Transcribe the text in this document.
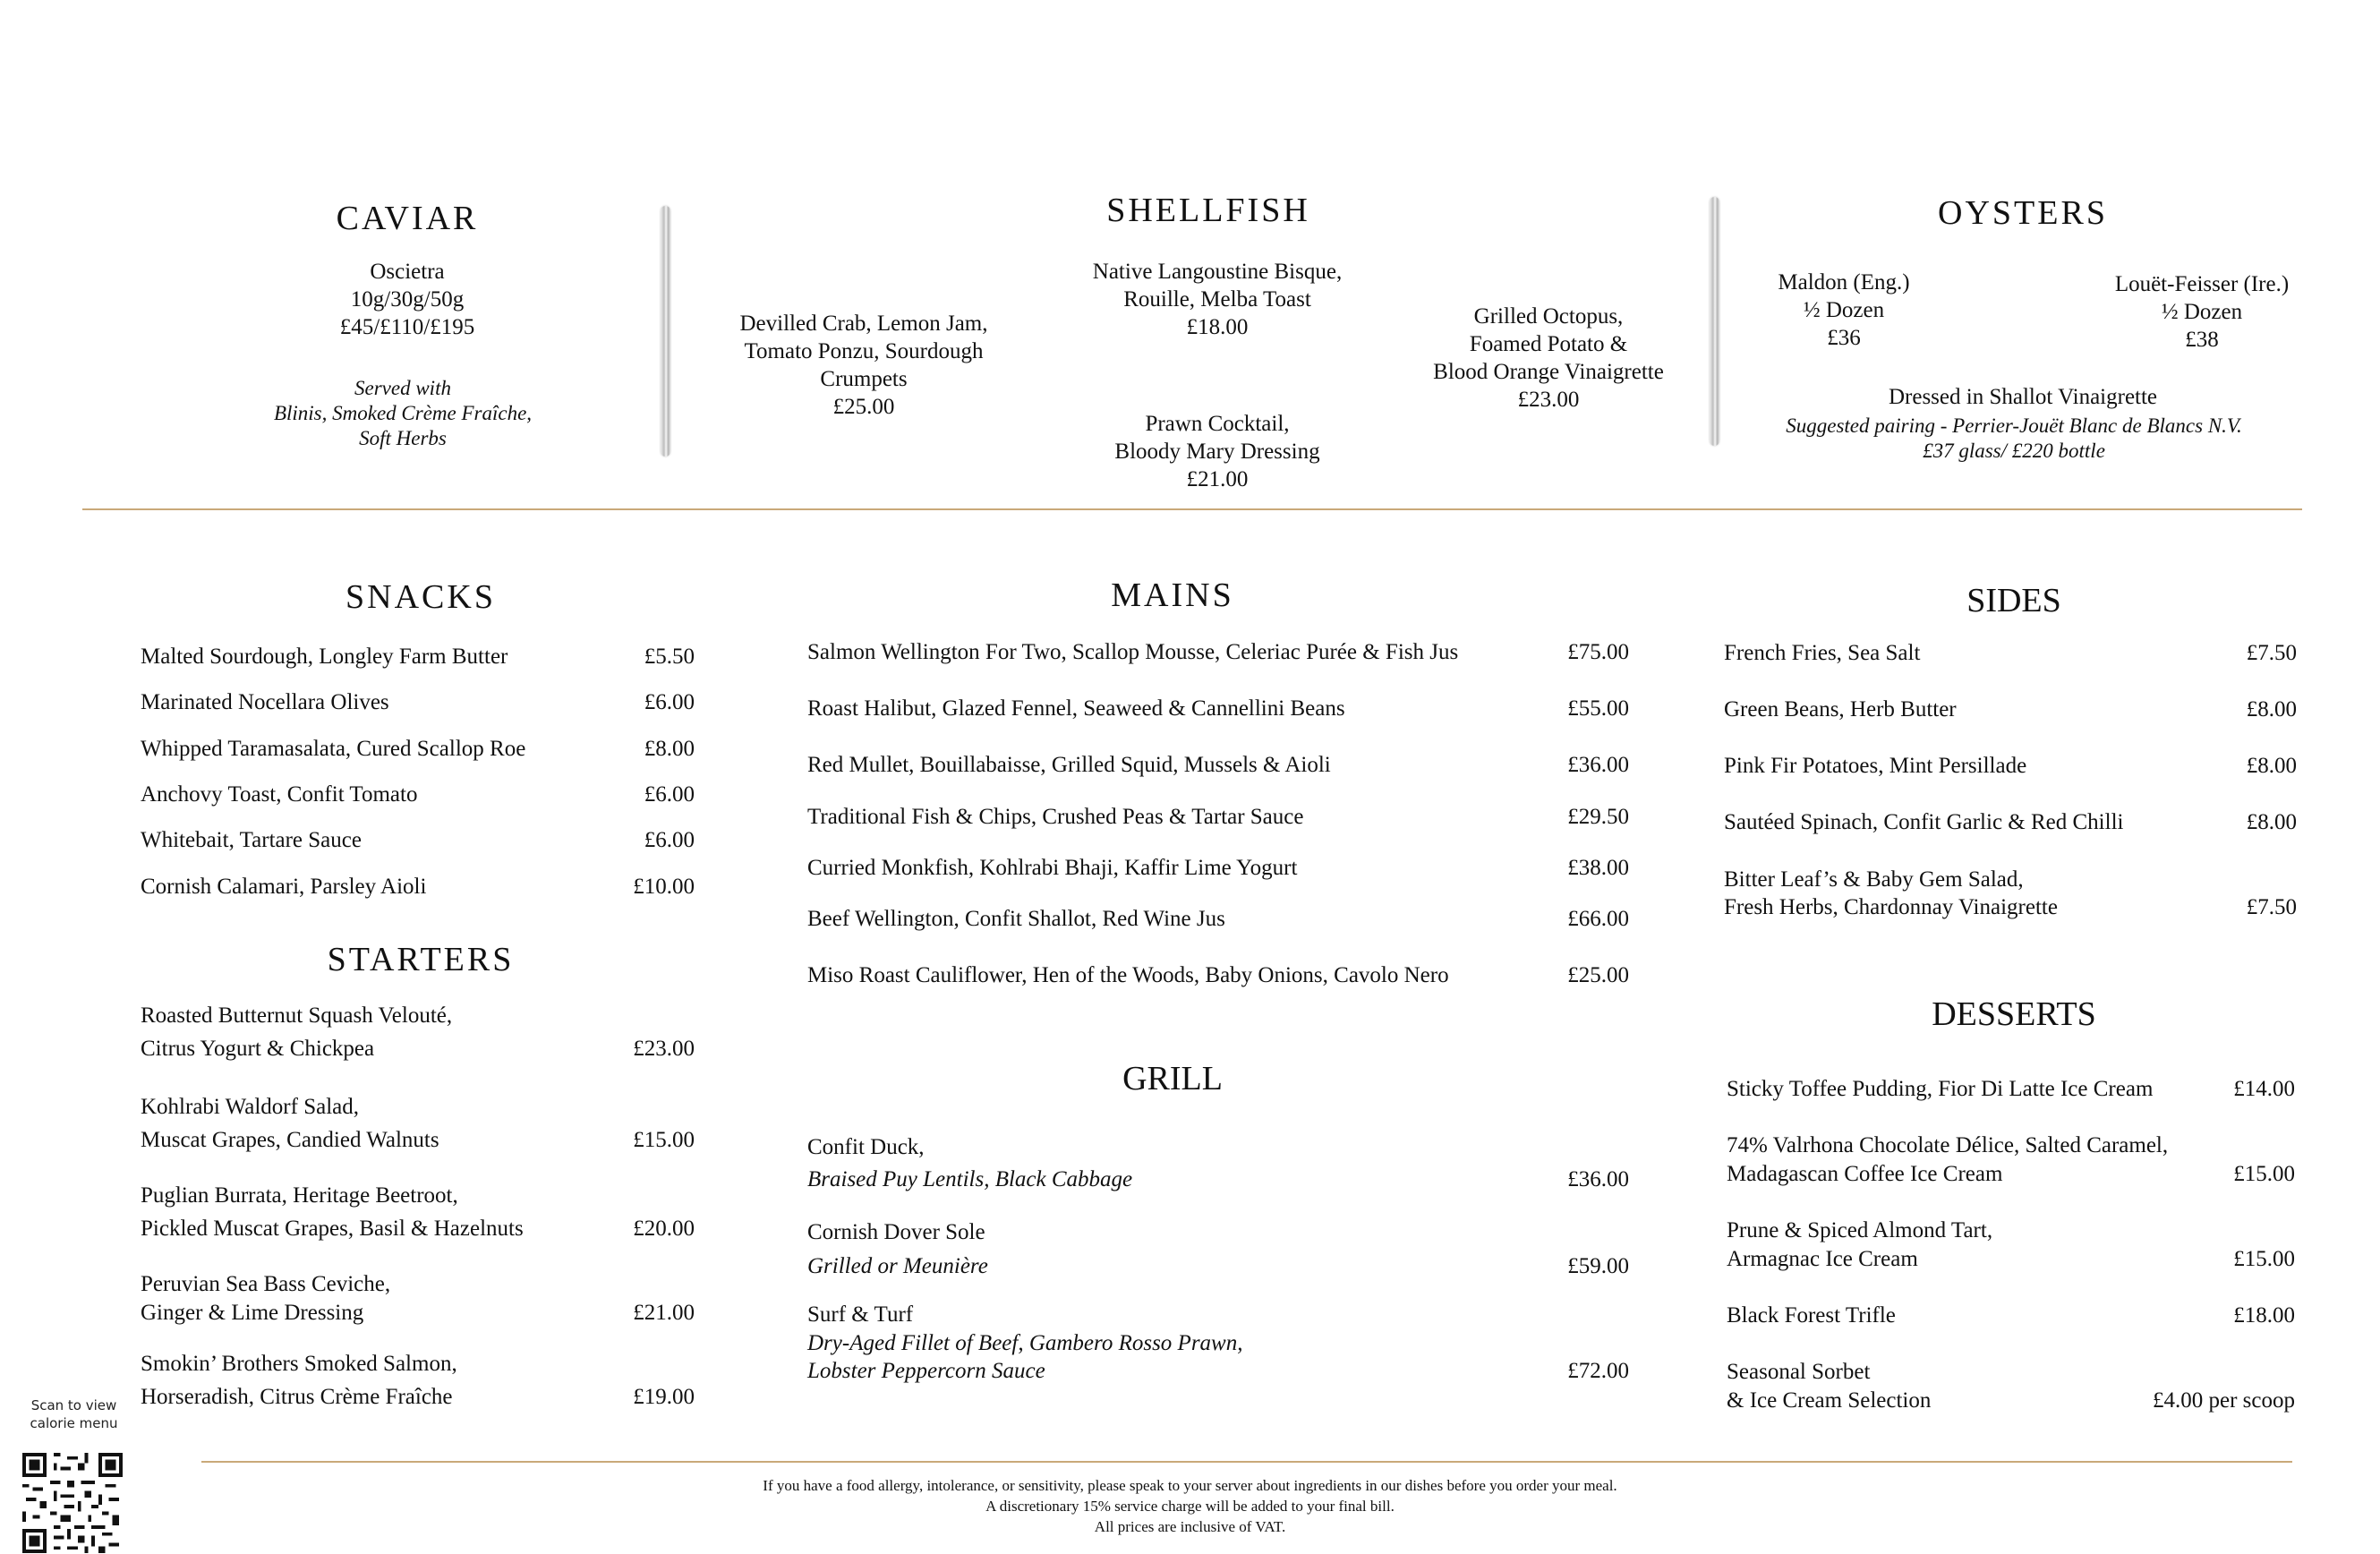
CAVIAR
Oscietra
10g/30g/50g
£45/£110/£195
Served with
Blinis, Smoked Crème Fraîche,
Soft Herbs
SHELLFISH
Devilled Crab, Lemon Jam,
Tomato Ponzu, Sourdough
Crumpets
£25.00
Native Langoustine Bisque,
Rouille, Melba Toast
£18.00
Prawn Cocktail,
Bloody Mary Dressing
£21.00
Grilled Octopus,
Foamed Potato &
Blood Orange Vinaigrette
£23.00
OYSTERS
Maldon (Eng.)
½ Dozen
£36
Louët-Feisser (Ire.)
½ Dozen
£38
Dressed in Shallot Vinaigrette
Suggested pairing - Perrier-Jouët Blanc de Blancs N.V.
£37 glass/ £220 bottle
SNACKS
Malted Sourdough, Longley Farm Butter	£5.50
Marinated Nocellara Olives	£6.00
Whipped Taramasalata, Cured Scallop Roe	£8.00
Anchovy Toast, Confit Tomato	£6.00
Whitebait, Tartare Sauce	£6.00
Cornish Calamari, Parsley Aioli	£10.00
STARTERS
Roasted Butternut Squash Velouté,
Citrus Yogurt & Chickpea	£23.00
Kohlrabi Waldorf Salad,
Muscat Grapes, Candied Walnuts	£15.00
Puglian Burrata, Heritage Beetroot,
Pickled Muscat Grapes, Basil & Hazelnuts	£20.00
Peruvian Sea Bass Ceviche,
Ginger & Lime Dressing	£21.00
Smokin’ Brothers Smoked Salmon,
Horseradish, Citrus Crème Fraîche	£19.00
MAINS
Salmon Wellington For Two, Scallop Mousse, Celeriac Purée & Fish Jus	£75.00
Roast Halibut, Glazed Fennel, Seaweed & Cannellini Beans	£55.00
Red Mullet, Bouillabaisse, Grilled Squid, Mussels & Aioli	£36.00
Traditional Fish & Chips, Crushed Peas & Tartar Sauce	£29.50
Curried Monkfish, Kohlrabi Bhaji, Kaffir Lime Yogurt	£38.00
Beef Wellington, Confit Shallot, Red Wine Jus	£66.00
Miso Roast Cauliflower, Hen of the Woods, Baby Onions, Cavolo Nero	£25.00
GRILL
Confit Duck,
Braised Puy Lentils, Black Cabbage	£36.00
Cornish Dover Sole
Grilled or Meunière	£59.00
Surf & Turf
Dry-Aged Fillet of Beef, Gambero Rosso Prawn,
Lobster Peppercorn Sauce	£72.00
SIDES
French Fries, Sea Salt	£7.50
Green Beans, Herb Butter	£8.00
Pink Fir Potatoes, Mint Persillade	£8.00
Sautéed Spinach, Confit Garlic & Red Chilli	£8.00
Bitter Leaf’s & Baby Gem Salad,
Fresh Herbs, Chardonnay Vinaigrette	£7.50
DESSERTS
Sticky Toffee Pudding, Fior Di Latte Ice Cream	£14.00
74% Valrhona Chocolate Délice, Salted Caramel,
Madagascan Coffee Ice Cream	£15.00
Prune & Spiced Almond Tart,
Armagnac Ice Cream	£15.00
Black Forest Trifle	£18.00
Seasonal Sorbet
& Ice Cream Selection	£4.00 per scoop
Scan to view
calorie menu
If you have a food allergy, intolerance, or sensitivity, please speak to your server about ingredients in our dishes before you order your meal.
A discretionary 15% service charge will be added to your final bill.
All prices are inclusive of VAT.
